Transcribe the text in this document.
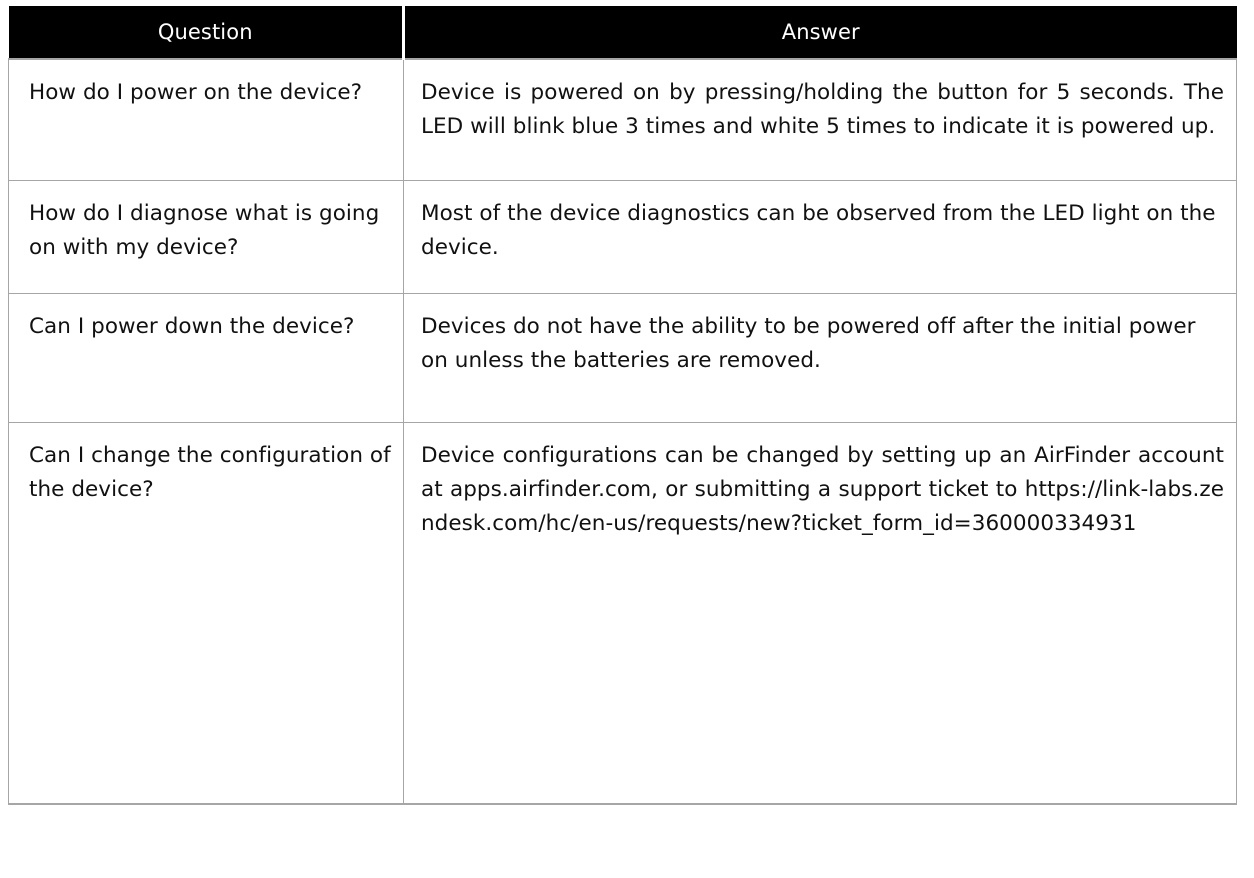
Question	Answer

How do I power on the device?	Device is powered on by pressing/holding the button for 5 seconds. The LED will blink blue 3 times and white 5 times to indicate it is powered up.

How do I diagnose what is going on with my device?	Most of the device diagnostics can be observed from the LED light on the device.

Can I power down the device?	Devices do not have the ability to be powered off after the initial power on unless the batteries are removed.

Can I change the configuration of the device?	Device configurations can be changed by setting up an AirFinder account at apps.airfinder.com, or submitting a support ticket to https://link-labs.zendesk.com/hc/en-us/requests/new?ticket_form_id=360000334931
